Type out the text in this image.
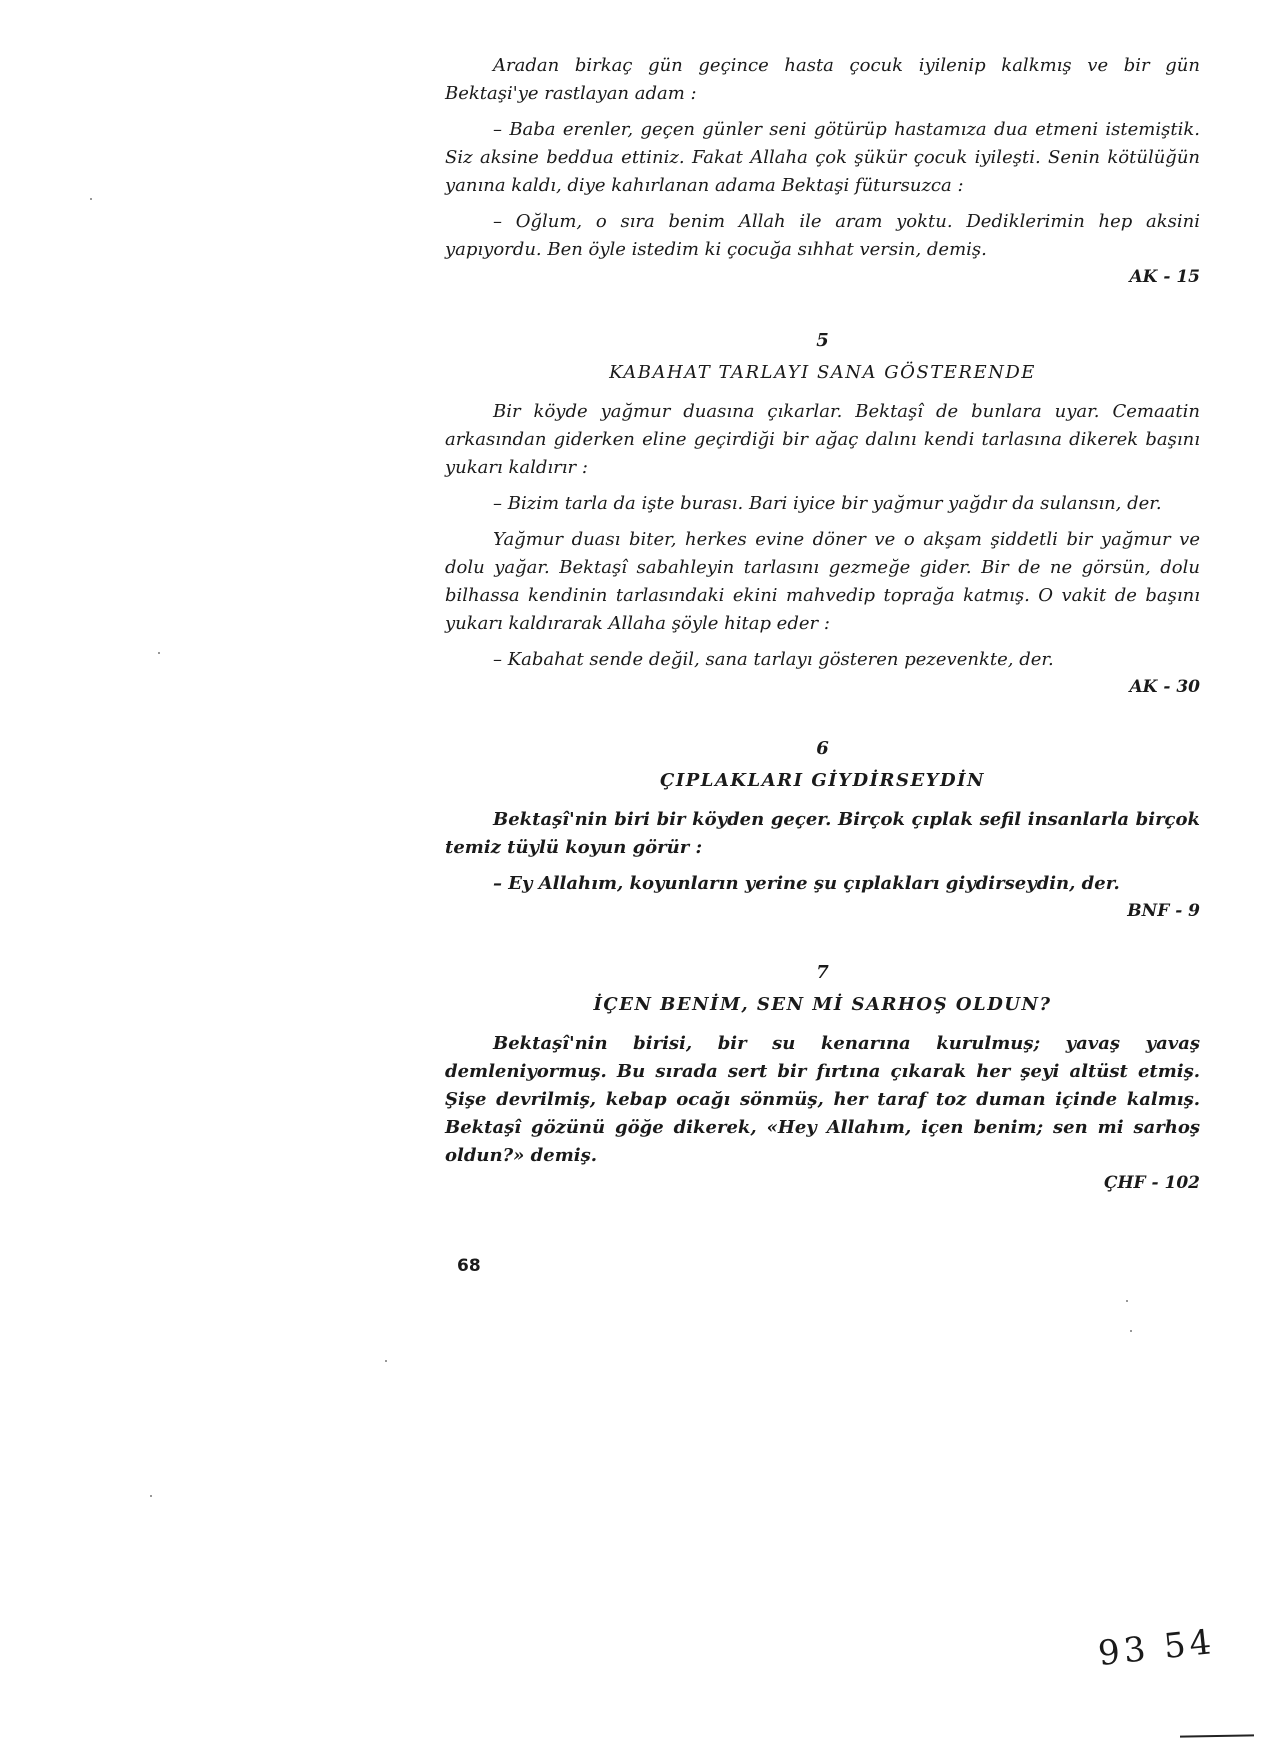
Aradan birkaç gün geçince hasta çocuk iyilenip kalkmış ve bir gün Bektaşi'ye rastlayan adam :

– Baba erenler, geçen günler seni götürüp hastamıza dua etmeni istemiştik. Siz aksine beddua ettiniz. Fakat Allaha çok şükür çocuk iyileşti. Senin kötülüğün yanına kaldı, diye kahırlanan adama Bektaşi fütursuzca :

– Oğlum, o sıra benim Allah ile aram yoktu. Dediklerimin hep aksini yapıyordu. Ben öyle istedim ki çocuğa sıhhat versin, demiş.

AK - 15

5

KABAHAT TARLAYI SANA GÖSTERENDE

Bir köyde yağmur duasına çıkarlar. Bektaşî de bunlara uyar. Cemaatin arkasından giderken eline geçirdiği bir ağaç dalını kendi tarlasına dikerek başını yukarı kaldırır :

– Bizim tarla da işte burası. Bari iyice bir yağmur yağdır da sulansın, der.

Yağmur duası biter, herkes evine döner ve o akşam şiddetli bir yağmur ve dolu yağar. Bektaşî sabahleyin tarlasını gezmeğe gider. Bir de ne görsün, dolu bilhassa kendinin tarlasındaki ekini mahvedip toprağa katmış. O vakit de başını yukarı kaldırarak Allaha şöyle hitap eder :

– Kabahat sende değil, sana tarlayı gösteren pezevenkte, der.

AK - 30

6

ÇIPLAKLARI GİYDİRSEYDİN

Bektaşî'nin biri bir köyden geçer. Birçok çıplak sefil insanlarla birçok temiz tüylü koyun görür :

– Ey Allahım, koyunların yerine şu çıplakları giydirseydin, der.

BNF - 9

7

İÇEN BENİM, SEN Mİ SARHOŞ OLDUN?

Bektaşî'nin birisi, bir su kenarına kurulmuş; yavaş yavaş demleniyormuş. Bu sırada sert bir fırtına çıkarak her şeyi altüst etmiş. Şişe devrilmiş, kebap ocağı sönmüş, her taraf toz duman içinde kalmış. Bektaşî gözünü göğe dikerek, «Hey Allahım, içen benim; sen mi sarhoş oldun?» demiş.

ÇHF - 102

68
93 54
